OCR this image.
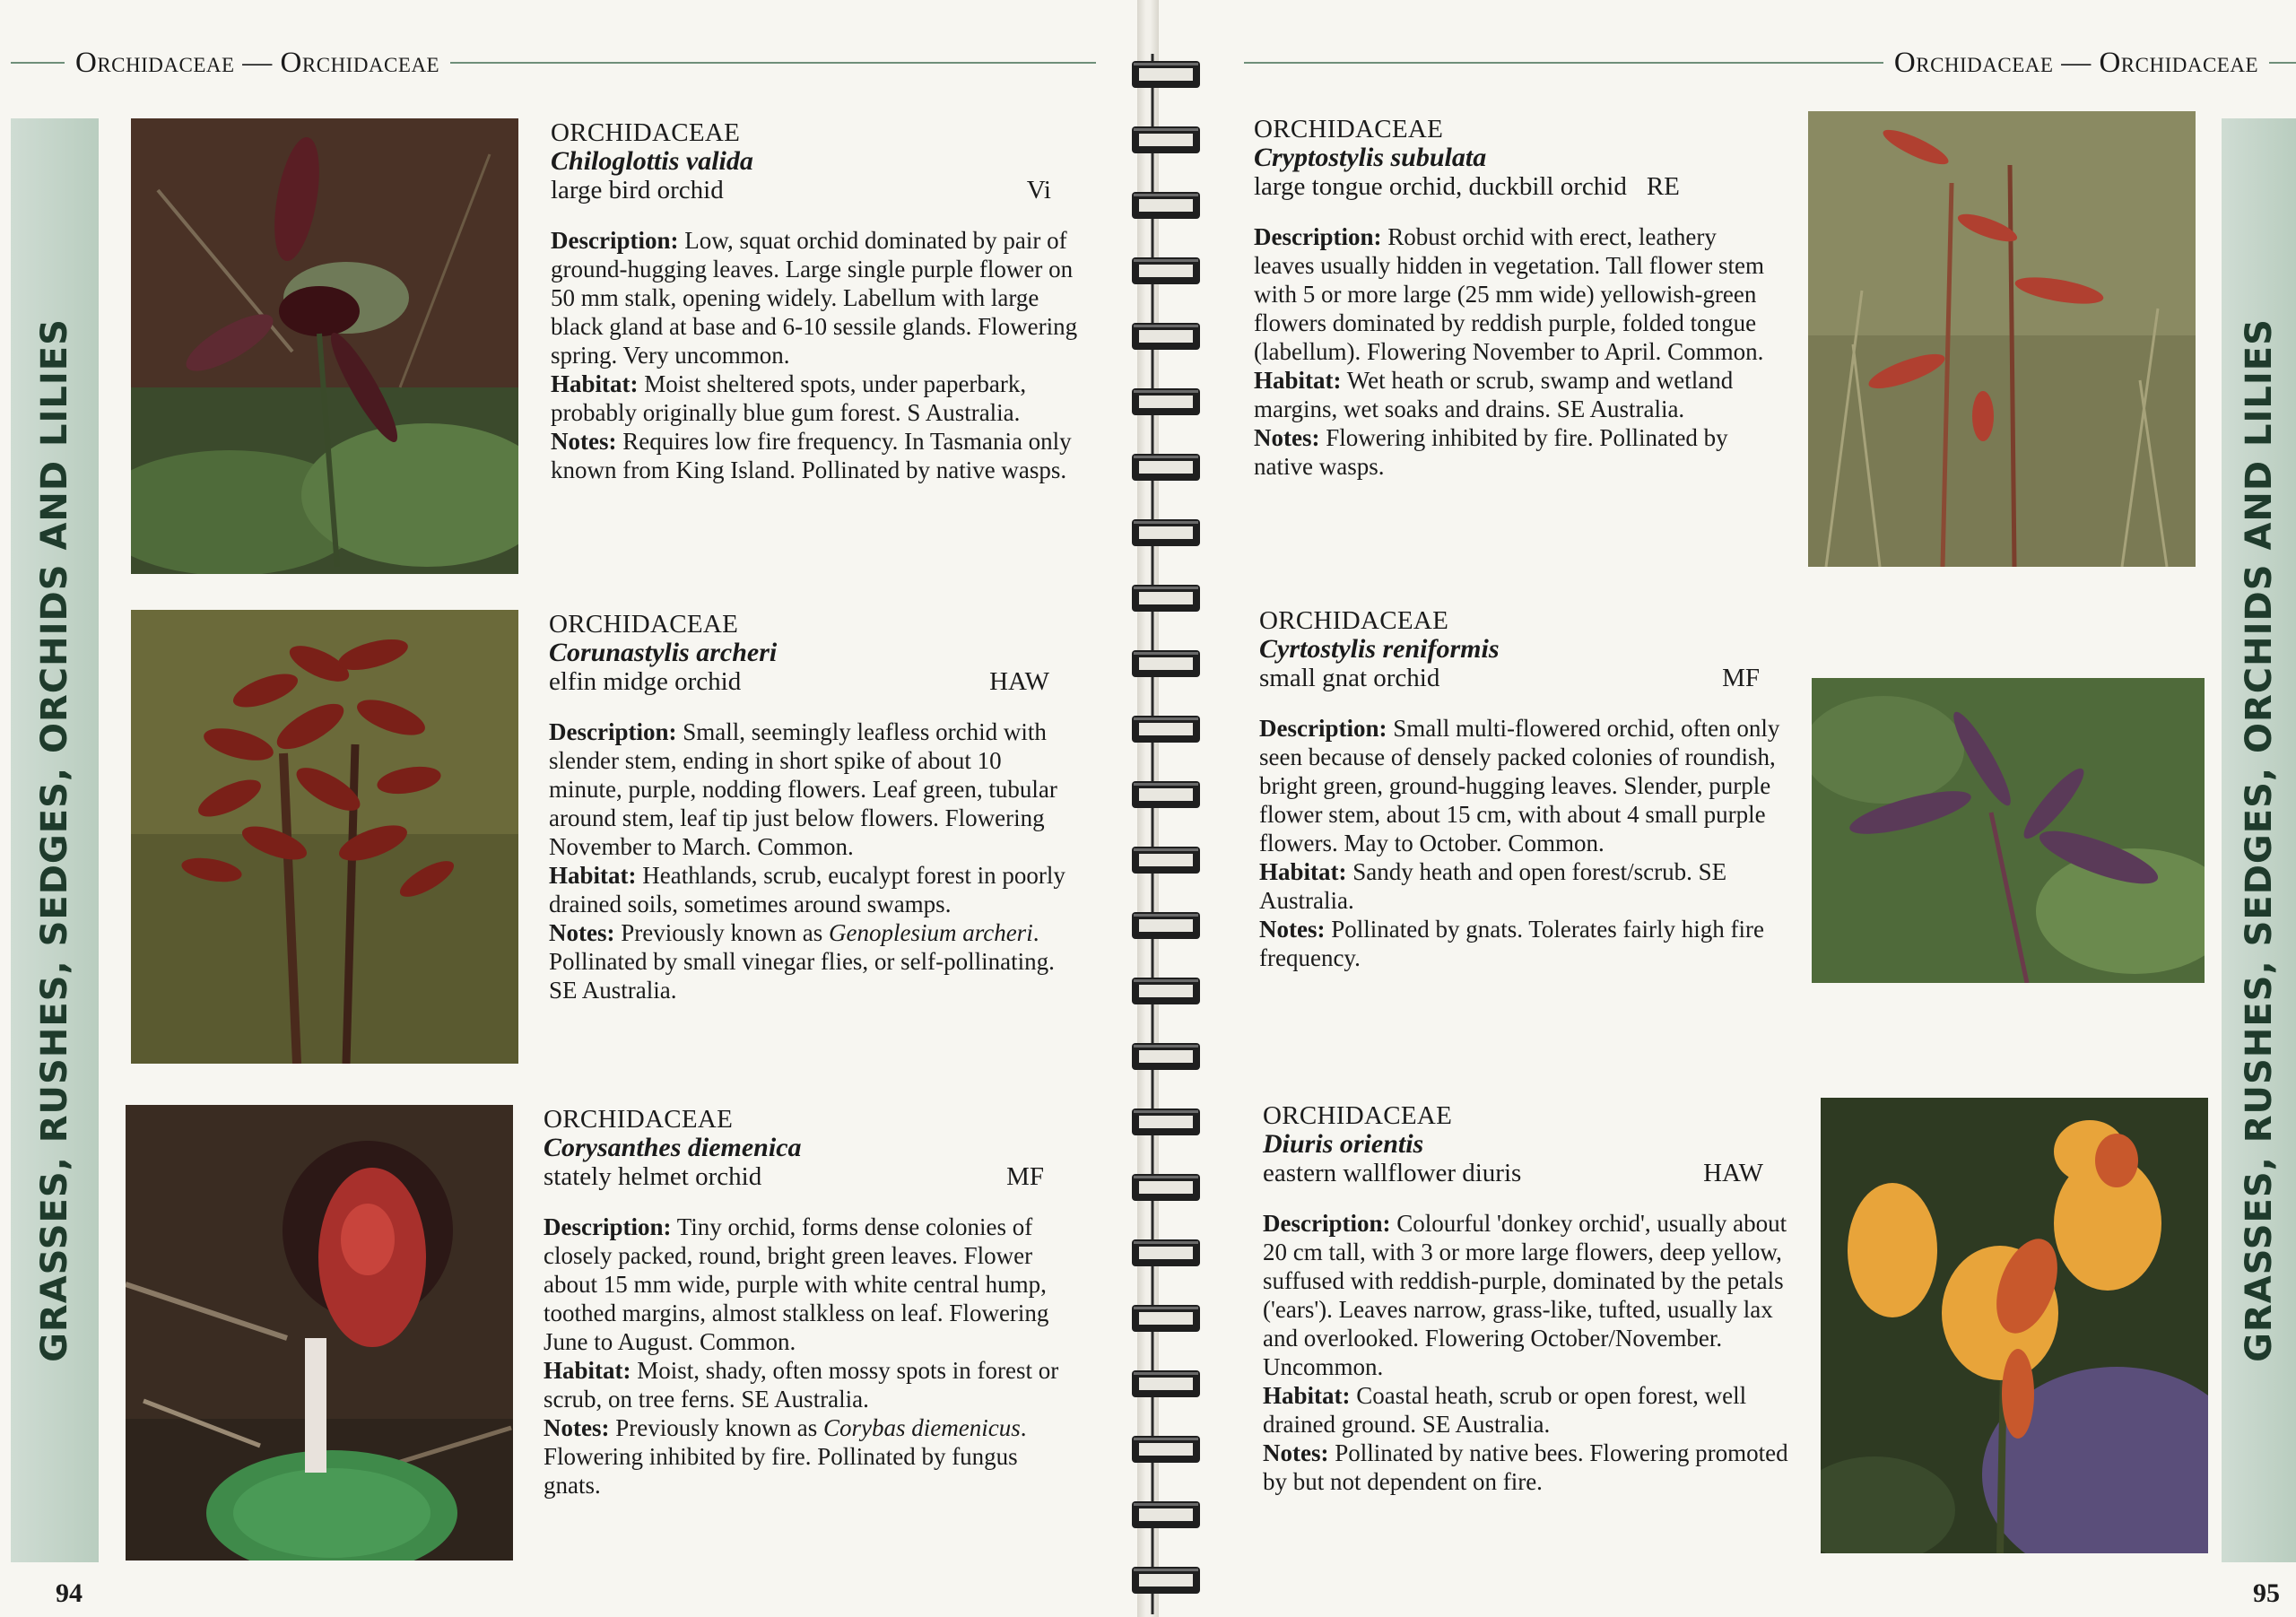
Orchidaceae — Orchidaceae
GRASSES, RUSHES, SEDGES, ORCHIDS AND LILIES
ORCHIDACEAE
Chiloglottis valida
large bird orchid	Vi

Description: Low, squat orchid dominated by pair of ground-hugging leaves. Large single purple flower on 50 mm stalk, opening widely. Labellum with large black gland at base and 6-10 sessile glands. Flowering spring. Very uncommon.

Habitat: Moist sheltered spots, under paperbark, probably originally blue gum forest. S Australia.

Notes: Requires low fire frequency. In Tasmania only known from King Island. Pollinated by native wasps.

ORCHIDACEAE
Corunastylis archeri
elfin midge orchid	HAW

Description: Small, seemingly leafless orchid with slender stem, ending in short spike of about 10 minute, purple, nodding flowers. Leaf green, tubular around stem, leaf tip just below flowers. Flowering November to March. Common.

Habitat: Heathlands, scrub, eucalypt forest in poorly drained soils, sometimes around swamps.

Notes: Previously known as Genoplesium archeri. Pollinated by small vinegar flies, or self-pollinating. SE Australia.

ORCHIDACEAE
Corysanthes diemenica
stately helmet orchid	MF

Description: Tiny orchid, forms dense colonies of closely packed, round, bright green leaves. Flower about 15 mm wide, purple with white central hump, toothed margins, almost stalkless on leaf. Flowering June to August. Common.

Habitat: Moist, shady, often mossy spots in forest or scrub, on tree ferns. SE Australia.

Notes: Previously known as Corybas diemenicus. Flowering inhibited by fire. Pollinated by fungus gnats.

94
Orchidaceae — Orchidaceae
GRASSES, RUSHES, SEDGES, ORCHIDS AND LILIES
ORCHIDACEAE
Cryptostylis subulata
large tongue orchid, duckbill orchid RE

Description: Robust orchid with erect, leathery leaves usually hidden in vegetation. Tall flower stem with 5 or more large (25 mm wide) yellowish-green flowers dominated by reddish purple, folded tongue (labellum). Flowering November to April. Common.

Habitat: Wet heath or scrub, swamp and wetland margins, wet soaks and drains. SE Australia.

Notes: Flowering inhibited by fire. Pollinated by native wasps.

ORCHIDACEAE
Cyrtostylis reniformis
small gnat orchid	MF

Description: Small multi-flowered orchid, often only seen because of densely packed colonies of roundish, bright green, ground-hugging leaves. Slender, purple flower stem, about 15 cm, with about 4 small purple flowers. May to October. Common.

Habitat: Sandy heath and open forest/scrub. SE Australia.

Notes: Pollinated by gnats. Tolerates fairly high fire frequency.

ORCHIDACEAE
Diuris orientis
eastern wallflower diuris	HAW

Description: Colourful 'donkey orchid', usually about 20 cm tall, with 3 or more large flowers, deep yellow, suffused with reddish-purple, dominated by the petals ('ears'). Leaves narrow, grass-like, tufted, usually lax and overlooked. Flowering October/November. Uncommon.

Habitat: Coastal heath, scrub or open forest, well drained ground. SE Australia.

Notes: Pollinated by native bees. Flowering promoted by but not dependent on fire.

95
